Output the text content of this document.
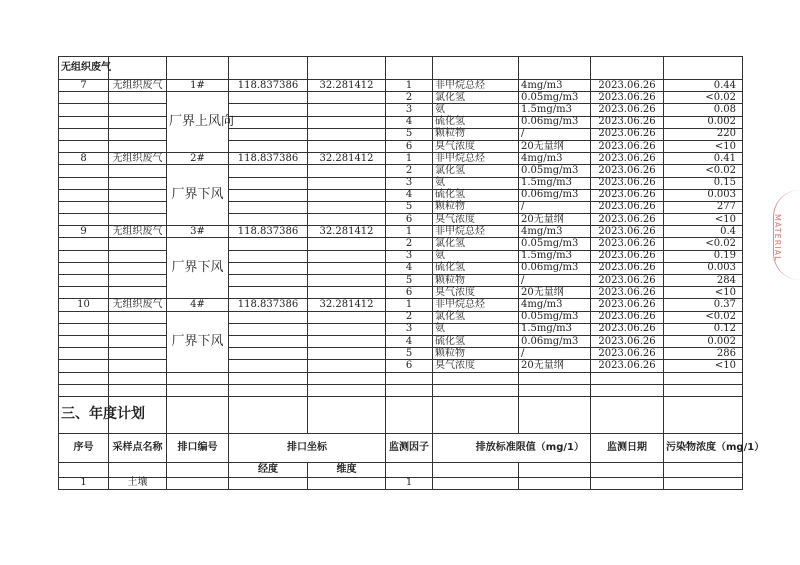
无组织废气									
7	无组织废气	1#	118.837386	32.281412	1	非甲烷总烃	4mg/m3	2023.06.26	0.44
		厂界上风向			2	氯化氢	0.05mg/m3	2023.06.26	<0.02
					3	氨	1.5mg/m3	2023.06.26	0.08
					4	硫化氢	0.06mg/m3	2023.06.26	0.002
					5	颗粒物	/	2023.06.26	220
					6	臭气浓度	20无量纲	2023.06.26	<10
8	无组织废气	2#	118.837386	32.281412	1	非甲烷总烃	4mg/m3	2023.06.26	0.41
		厂界下风			2	氯化氢	0.05mg/m3	2023.06.26	<0.02
					3	氨	1.5mg/m3	2023.06.26	0.15
					4	硫化氢	0.06mg/m3	2023.06.26	0.003
					5	颗粒物	/	2023.06.26	277
					6	臭气浓度	20无量纲	2023.06.26	<10
9	无组织废气	3#	118.837386	32.281412	1	非甲烷总烃	4mg/m3	2023.06.26	0.4
		厂界下风			2	氯化氢	0.05mg/m3	2023.06.26	<0.02
					3	氨	1.5mg/m3	2023.06.26	0.19
					4	硫化氢	0.06mg/m3	2023.06.26	0.003
					5	颗粒物	/	2023.06.26	284
					6	臭气浓度	20无量纲	2023.06.26	<10
10	无组织废气	4#	118.837386	32.281412	1	非甲烷总烃	4mg/m3	2023.06.26	0.37
		厂界下风			2	氯化氢	0.05mg/m3	2023.06.26	<0.02
					3	氨	1.5mg/m3	2023.06.26	0.12
					4	硫化氢	0.06mg/m3	2023.06.26	0.002
					5	颗粒物	/	2023.06.26	286
					6	臭气浓度	20无量纲	2023.06.26	<10

三、年度计划									
序号	采样点名称	排口编号	排口坐标		监测因子	排放标准限值（mg/1）		监测日期	污染物浓度（mg/1）
			经度	维度					
1	土壤				1				
MATERIAL
